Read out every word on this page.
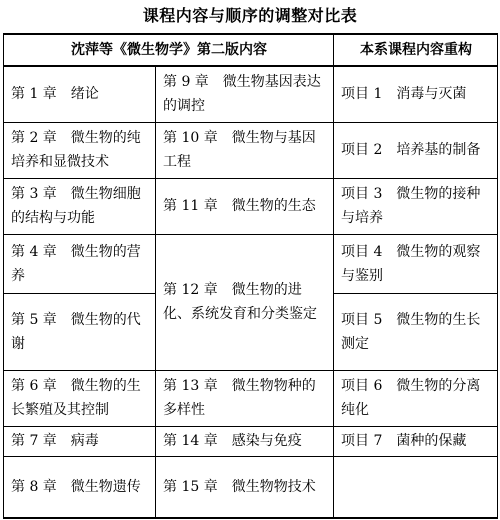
课程内容与顺序的调整对比表
沈萍等《微生物学》第二版内容		本系课程内容重构
第 1 章　绪论	第 9 章　微生物基因表达的调控	项目 1　消毒与灭菌
第 2 章　微生物的纯培养和显微技术	第 10 章　微生物与基因工程	项目 2　培养基的制备
第 3 章　微生物细胞的结构与功能	第 11 章　微生物的生态	项目 3　微生物的接种与培养
第 4 章　微生物的营养	第 12 章　微生物的进化、系统发育和分类鉴定	项目 4　微生物的观察与鉴别
第 5 章　微生物的代谢		项目 5　微生物的生长测定
第 6 章　微生物的生长繁殖及其控制	第 13 章　微生物物种的多样性	项目 6　微生物的分离纯化
第 7 章　病毒	第 14 章　感染与免疫	项目 7　菌种的保藏
第 8 章　微生物遗传	第 15 章　微生物物技术	
